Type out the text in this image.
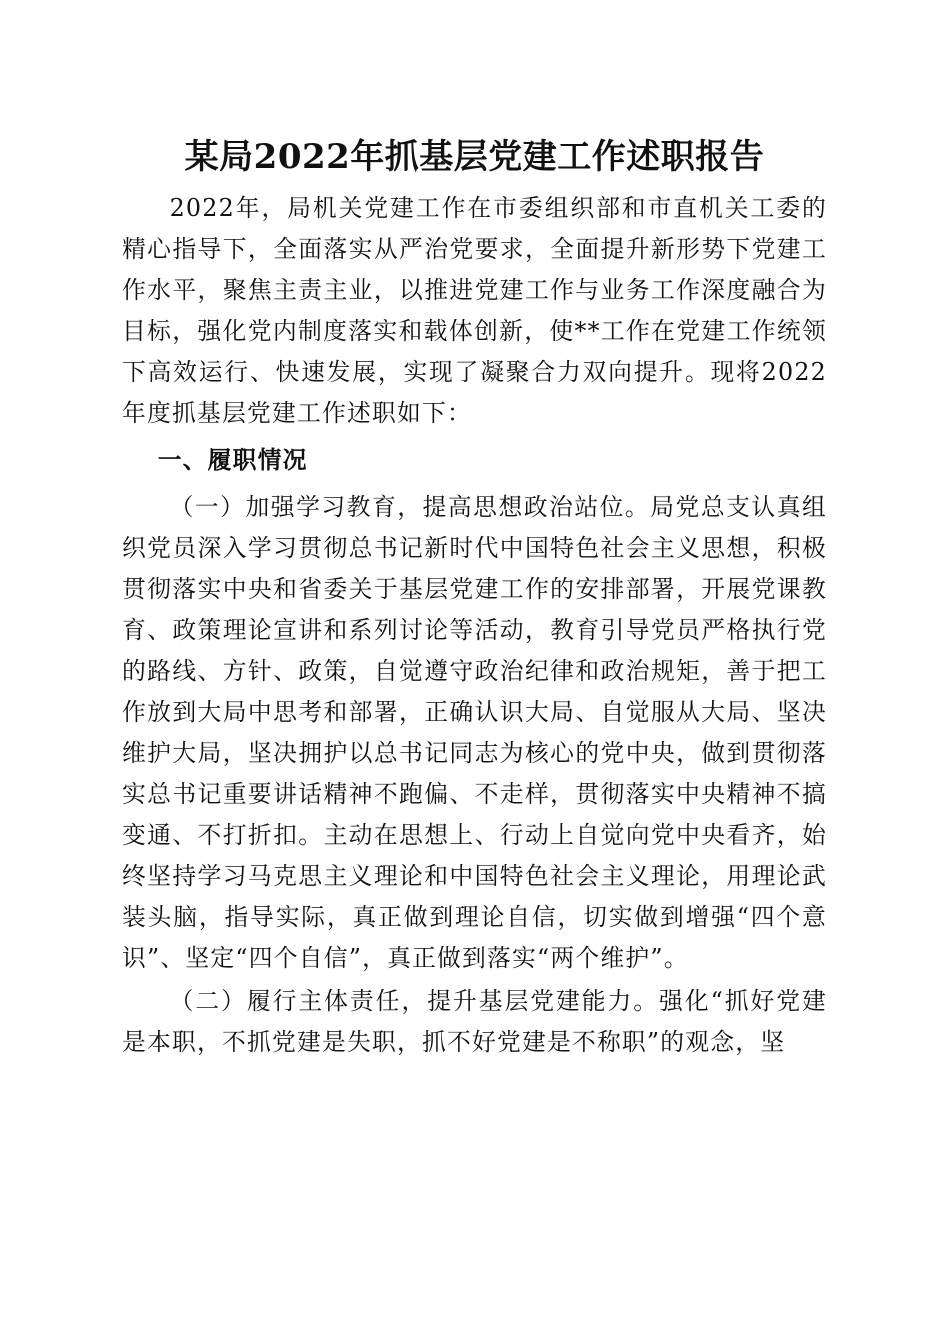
某局2022年抓基层党建工作述职报告

2022年，局机关党建工作在市委组织部和市直机关工委的精心指导下，全面落实从严治党要求，全面提升新形势下党建工作水平，聚焦主责主业，以推进党建工作与业务工作深度融合为目标，强化党内制度落实和载体创新，使**工作在党建工作统领下高效运行、快速发展，实现了凝聚合力双向提升。现将2022年度抓基层党建工作述职如下：

一、履职情况

（一）加强学习教育，提高思想政治站位。局党总支认真组织党员深入学习贯彻总书记新时代中国特色社会主义思想，积极贯彻落实中央和省委关于基层党建工作的安排部署，开展党课教育、政策理论宣讲和系列讨论等活动，教育引导党员严格执行党的路线、方针、政策，自觉遵守政治纪律和政治规矩，善于把工作放到大局中思考和部署，正确认识大局、自觉服从大局、坚决维护大局，坚决拥护以总书记同志为核心的党中央，做到贯彻落实总书记重要讲话精神不跑偏、不走样，贯彻落实中央精神不搞变通、不打折扣。主动在思想上、行动上自觉向党中央看齐，始终坚持学习马克思主义理论和中国特色社会主义理论，用理论武装头脑，指导实际，真正做到理论自信，切实做到增强“四个意识”、坚定“四个自信”，真正做到落实“两个维护”。

（二）履行主体责任，提升基层党建能力。强化“抓好党建是本职，不抓党建是失职，抓不好党建是不称职”的观念，坚
